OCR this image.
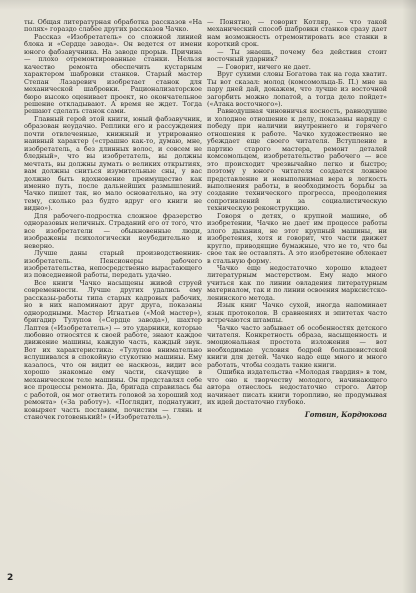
ты. Общая литературная обработка рассказов «На полях» гораздо слабее других рассказов Чачко.

Рассказ «Изобретатель» со сложной линией блока и «Сердце завода». Он ведется от имени юного фабзавучника. На заводе прорыв. Причина — плохо отремонтированные станки. Нельзя качество ремонта обеспечить кустарным характером шабровки станков. Старый мастер Степан Лазаревич изобретает станок для механической шабровки. Рационализаторское бюро высоко оценивает проект, но окончательное решение откладывают. А время не ждет. Тогда решают сделать станок сами.

Главный герой этой книги, юный фабзавучник, образован неудачно. Реплики его и рассуждения почти отвлеченные, книжный и утрированно наивный характер («страшно как-то, думаю, мне, изобретатель, а без длинных волос, и совсем не бледный», что вы изобретатель, вы должны мечтать, вы должны думать о великих открытиях, вам должны сниться изумительные сны, у вас должно быть вдохновение преимущество как именно путь, после дальнейших размышлений. Чачко пишет так, но мало основательно, на эту тему, сколько раз будто вдруг его книги не видно»).

Для рабочего-подростка сложное фразерство одноразовых неличных. Страданий его от того, что все изобретатели — обыкновенные люди, изображены психологически неубедительно и неверно.

Лучше даны старый производственник-изобретатель. Пенсионеры рабочего изобретательства, непосредственно вырастающего из повседневной работы, передать удачно.

Все книги Чачко насыщены живой струей современности. Лучше других удались ему рассказы-работы типа старых кадровых рабочих, но в них напоминают друг друга, показаны однородными. Мастер Игнатьев («Мой мастер»), бригадир Тулупов («Сердце завода»), шахтер Лаптев («Изобретатель») — это ударники, которые любовно относятся к своей работе, знают каждое движение машины, каждую часть, каждый звук. Вот их характеристика: «Тулупов внимательно вслушивался в спокойную стукотню машины. Ему казалось, что он видит ее насквозь, видит все хорошо знакомые ему части, скачущие в механическом теле машины. Он представлял себе все процессы ремонта. Да, бригада справилась бы с работой, он мог ответить головой за хороший ход ремонта» («За работу»). «Поглядит, поднатужит, ковыряет часть поставим, почистим — глянь и станочек готовенький!» («Изобретатель»).

— Понятно, — говорит Котляр, — что такой механический способ шабровки станков сразу дает нам возможность отремонтировать все станки в короткий срок.

— Ты знаешь, почему без действия стоит восточный ударник?

— Говорит, ничего не дает.

Вруг сухими словы Богатова так на года хватит. Ты вот сказал: молод (комсомольца-Б. П.) мне на пару дней дай, докажем, что лучше из восточной загорбить можно лопатой, а тогда дело пойдет» («Атака восточного»).

Равнодушная чиновничья косность, равнодушие и холодное отношение к делу, показаны наряду с победу при наличии внутреннего и горячего отношения к работе. Чачко художественно не убеждает еще своего читателя. Вступление в партию старого мастера, ремонт деталей комсомольцем, изобретательство рабочего — все это происходит чрезвычайно легко и быстро; поэтому у юного читателя создается ложное представление и невыполнимая вера в легкость выполнения работы, в необходимость борьбы за создание технического прогресса, преодоления сопротивлений и за социалистическую техническую реконструкцию.

Говоря о детях, о крупной машине, об изобретении, Чачко не дает им процессе работы злого дыхания, не этот крупный машины, ни изобретения, хотя и говорит, что части движет кругло, приводящие бумажные, что не то, что бы свое так не оставлять. А это изобретение облекает в стальную форму.

Чачко еще недостаточно хорошо владеет литературным мастерством. Ему надо много учиться как по линии овладения литературным материалом, так и по линии освоения марксистско-ленинского метода.

Язык книг Чачко сухой, иногда напоминает язык протоколов. В сравнениях и эпитетах часто встречаются штампы.

Чачко часто забывает об особенностях детского читателя. Конкретность образа, насыщенность и эмоциональная простота изложения — вот необходимые условия бодрой большевистской книги для детей. Чачко надо еще много и много работать, чтобы создать такие книги.

Ошибка издательства «Молодая гвардия» в том, что оно к творчеству молодого, начинающего автора отнеслось недостаточно строго. Автор начинает писать книги торопливо, не продумывая их идей достаточно глубоко.

Готвин, Кордюкова
2
